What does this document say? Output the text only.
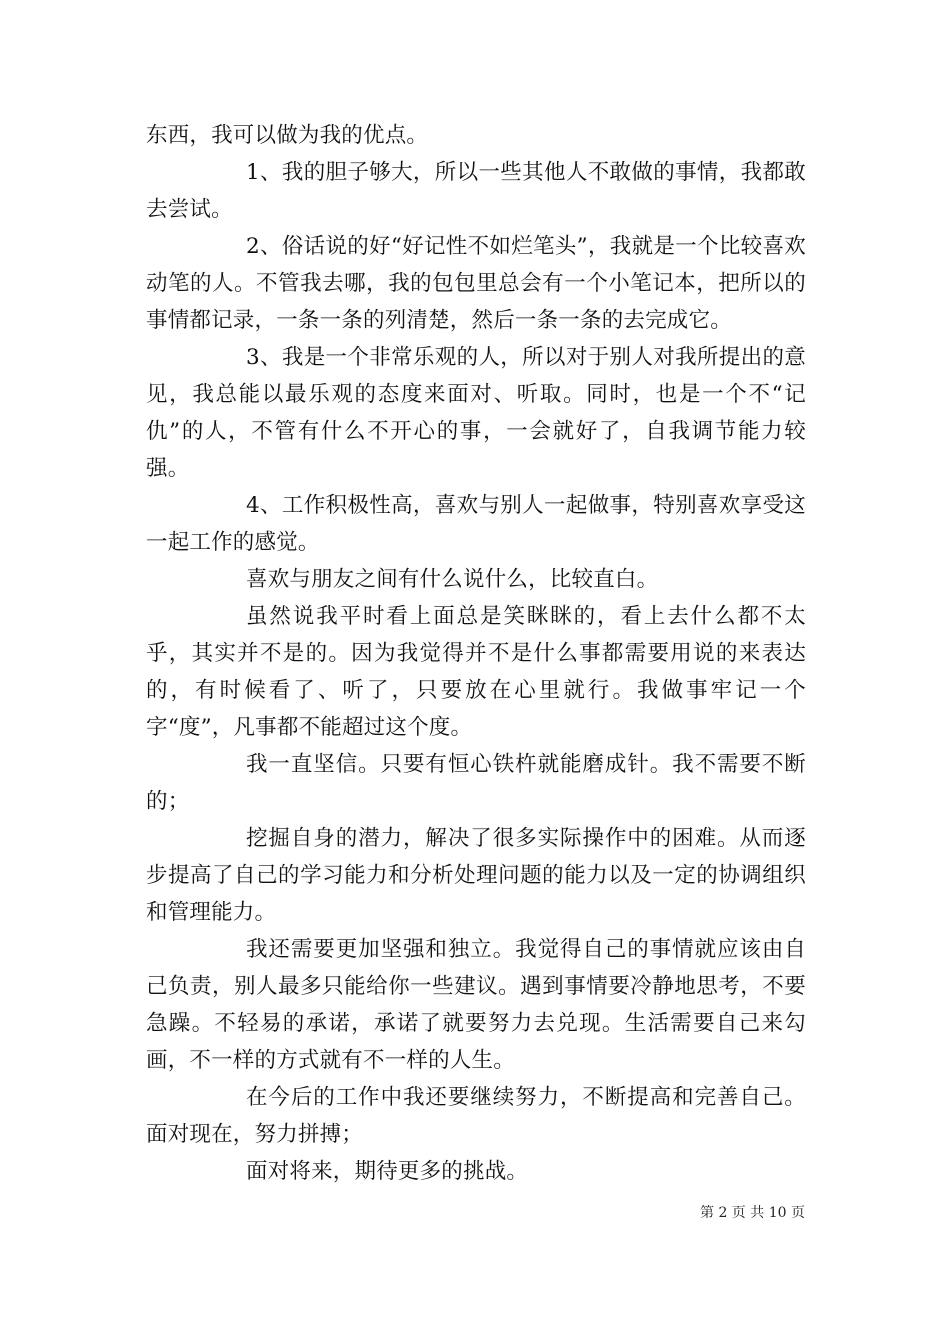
东西，我可以做为我的优点。

1、我的胆子够大，所以一些其他人不敢做的事情，我都敢去尝试。

2、俗话说的好“好记性不如烂笔头”，我就是一个比较喜欢动笔的人。不管我去哪，我的包包里总会有一个小笔记本，把所以的事情都记录，一条一条的列清楚，然后一条一条的去完成它。

3、我是一个非常乐观的人，所以对于别人对我所提出的意见，我总能以最乐观的态度来面对、听取。同时，也是一个不“记仇”的人，不管有什么不开心的事，一会就好了，自我调节能力较强。

4、工作积极性高，喜欢与别人一起做事，特别喜欢享受这一起工作的感觉。

喜欢与朋友之间有什么说什么，比较直白。

虽然说我平时看上面总是笑眯眯的，看上去什么都不太乎，其实并不是的。因为我觉得并不是什么事都需要用说的来表达的，有时候看了、听了，只要放在心里就行。我做事牢记一个字“度”，凡事都不能超过这个度。

我一直坚信。只要有恒心铁杵就能磨成针。我不需要不断的；

挖掘自身的潜力，解决了很多实际操作中的困难。从而逐步提高了自己的学习能力和分析处理问题的能力以及一定的协调组织和管理能力。

我还需要更加坚强和独立。我觉得自己的事情就应该由自己负责，别人最多只能给你一些建议。遇到事情要冷静地思考，不要急躁。不轻易的承诺，承诺了就要努力去兑现。生活需要自己来勾画，不一样的方式就有不一样的人生。

在今后的工作中我还要继续努力，不断提高和完善自己。面对现在，努力拼搏；

面对将来，期待更多的挑战。

第 2 页 共 10 页
